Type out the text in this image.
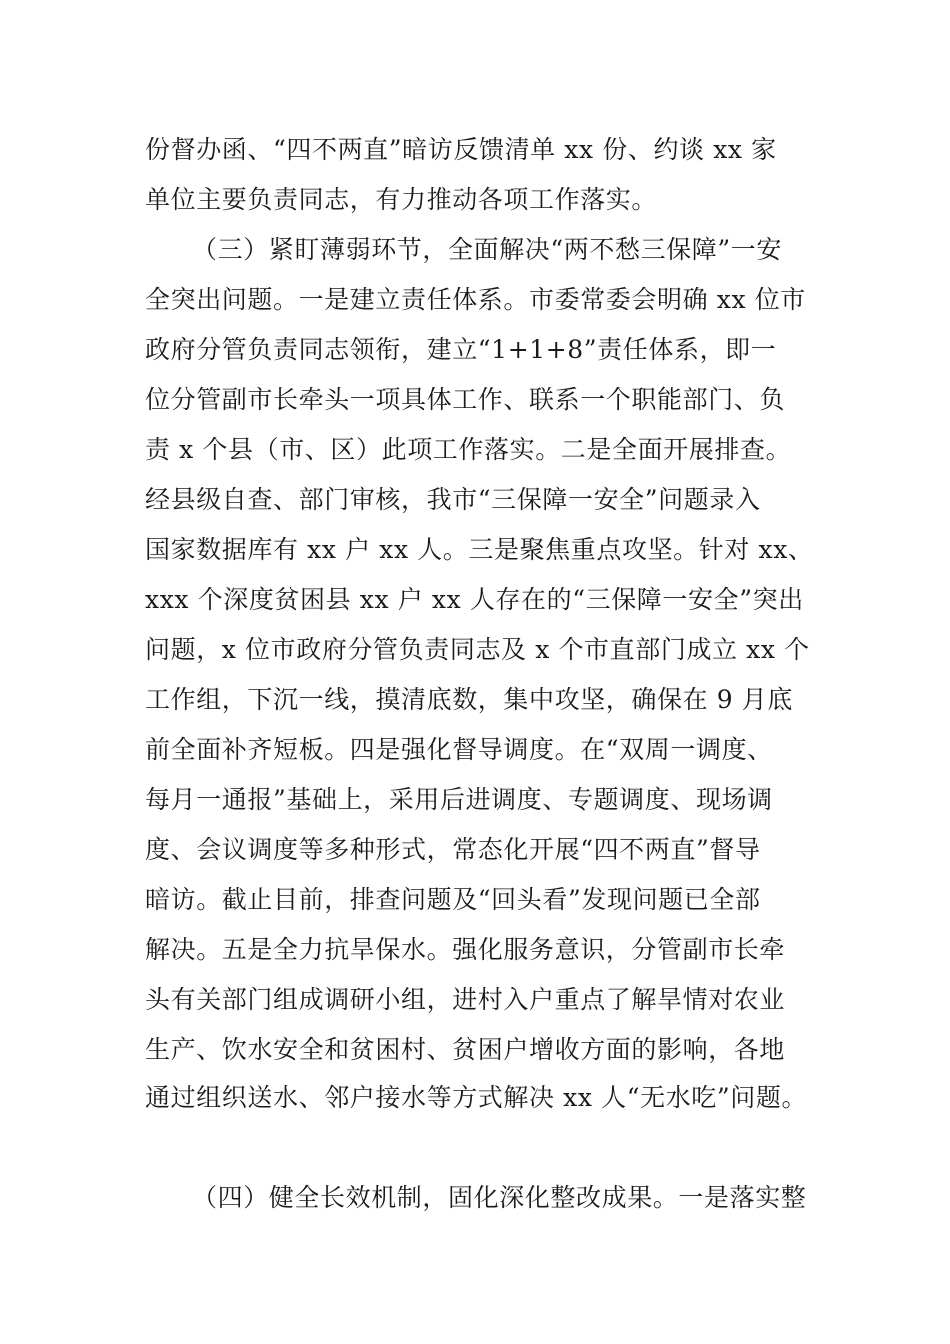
份督办函、“四不两直”暗访反馈清单 xx 份、约谈 xx 家
单位主要负责同志，有力推动各项工作落实。
（三）紧盯薄弱环节，全面解决“两不愁三保障”一安
全突出问题。一是建立责任体系。市委常委会明确 xx 位市
政府分管负责同志领衔，建立“1+1+8”责任体系，即一
位分管副市长牵头一项具体工作、联系一个职能部门、负
责 x 个县（市、区）此项工作落实。二是全面开展排查。
经县级自查、部门审核，我市“三保障一安全”问题录入
国家数据库有 xx 户 xx 人。三是聚焦重点攻坚。针对 xx、
xxx 个深度贫困县 xx 户 xx 人存在的“三保障一安全”突出
问题，x 位市政府分管负责同志及 x 个市直部门成立 xx 个
工作组，下沉一线，摸清底数，集中攻坚，确保在 9 月底
前全面补齐短板。四是强化督导调度。在“双周一调度、
每月一通报”基础上，采用后进调度、专题调度、现场调
度、会议调度等多种形式，常态化开展“四不两直”督导
暗访。截止目前，排查问题及“回头看”发现问题已全部
解决。五是全力抗旱保水。强化服务意识，分管副市长牵
头有关部门组成调研小组，进村入户重点了解旱情对农业
生产、饮水安全和贫困村、贫困户增收方面的影响，各地
通过组织送水、邻户接水等方式解决 xx 人“无水吃”问题。
（四）健全长效机制，固化深化整改成果。一是落实整
